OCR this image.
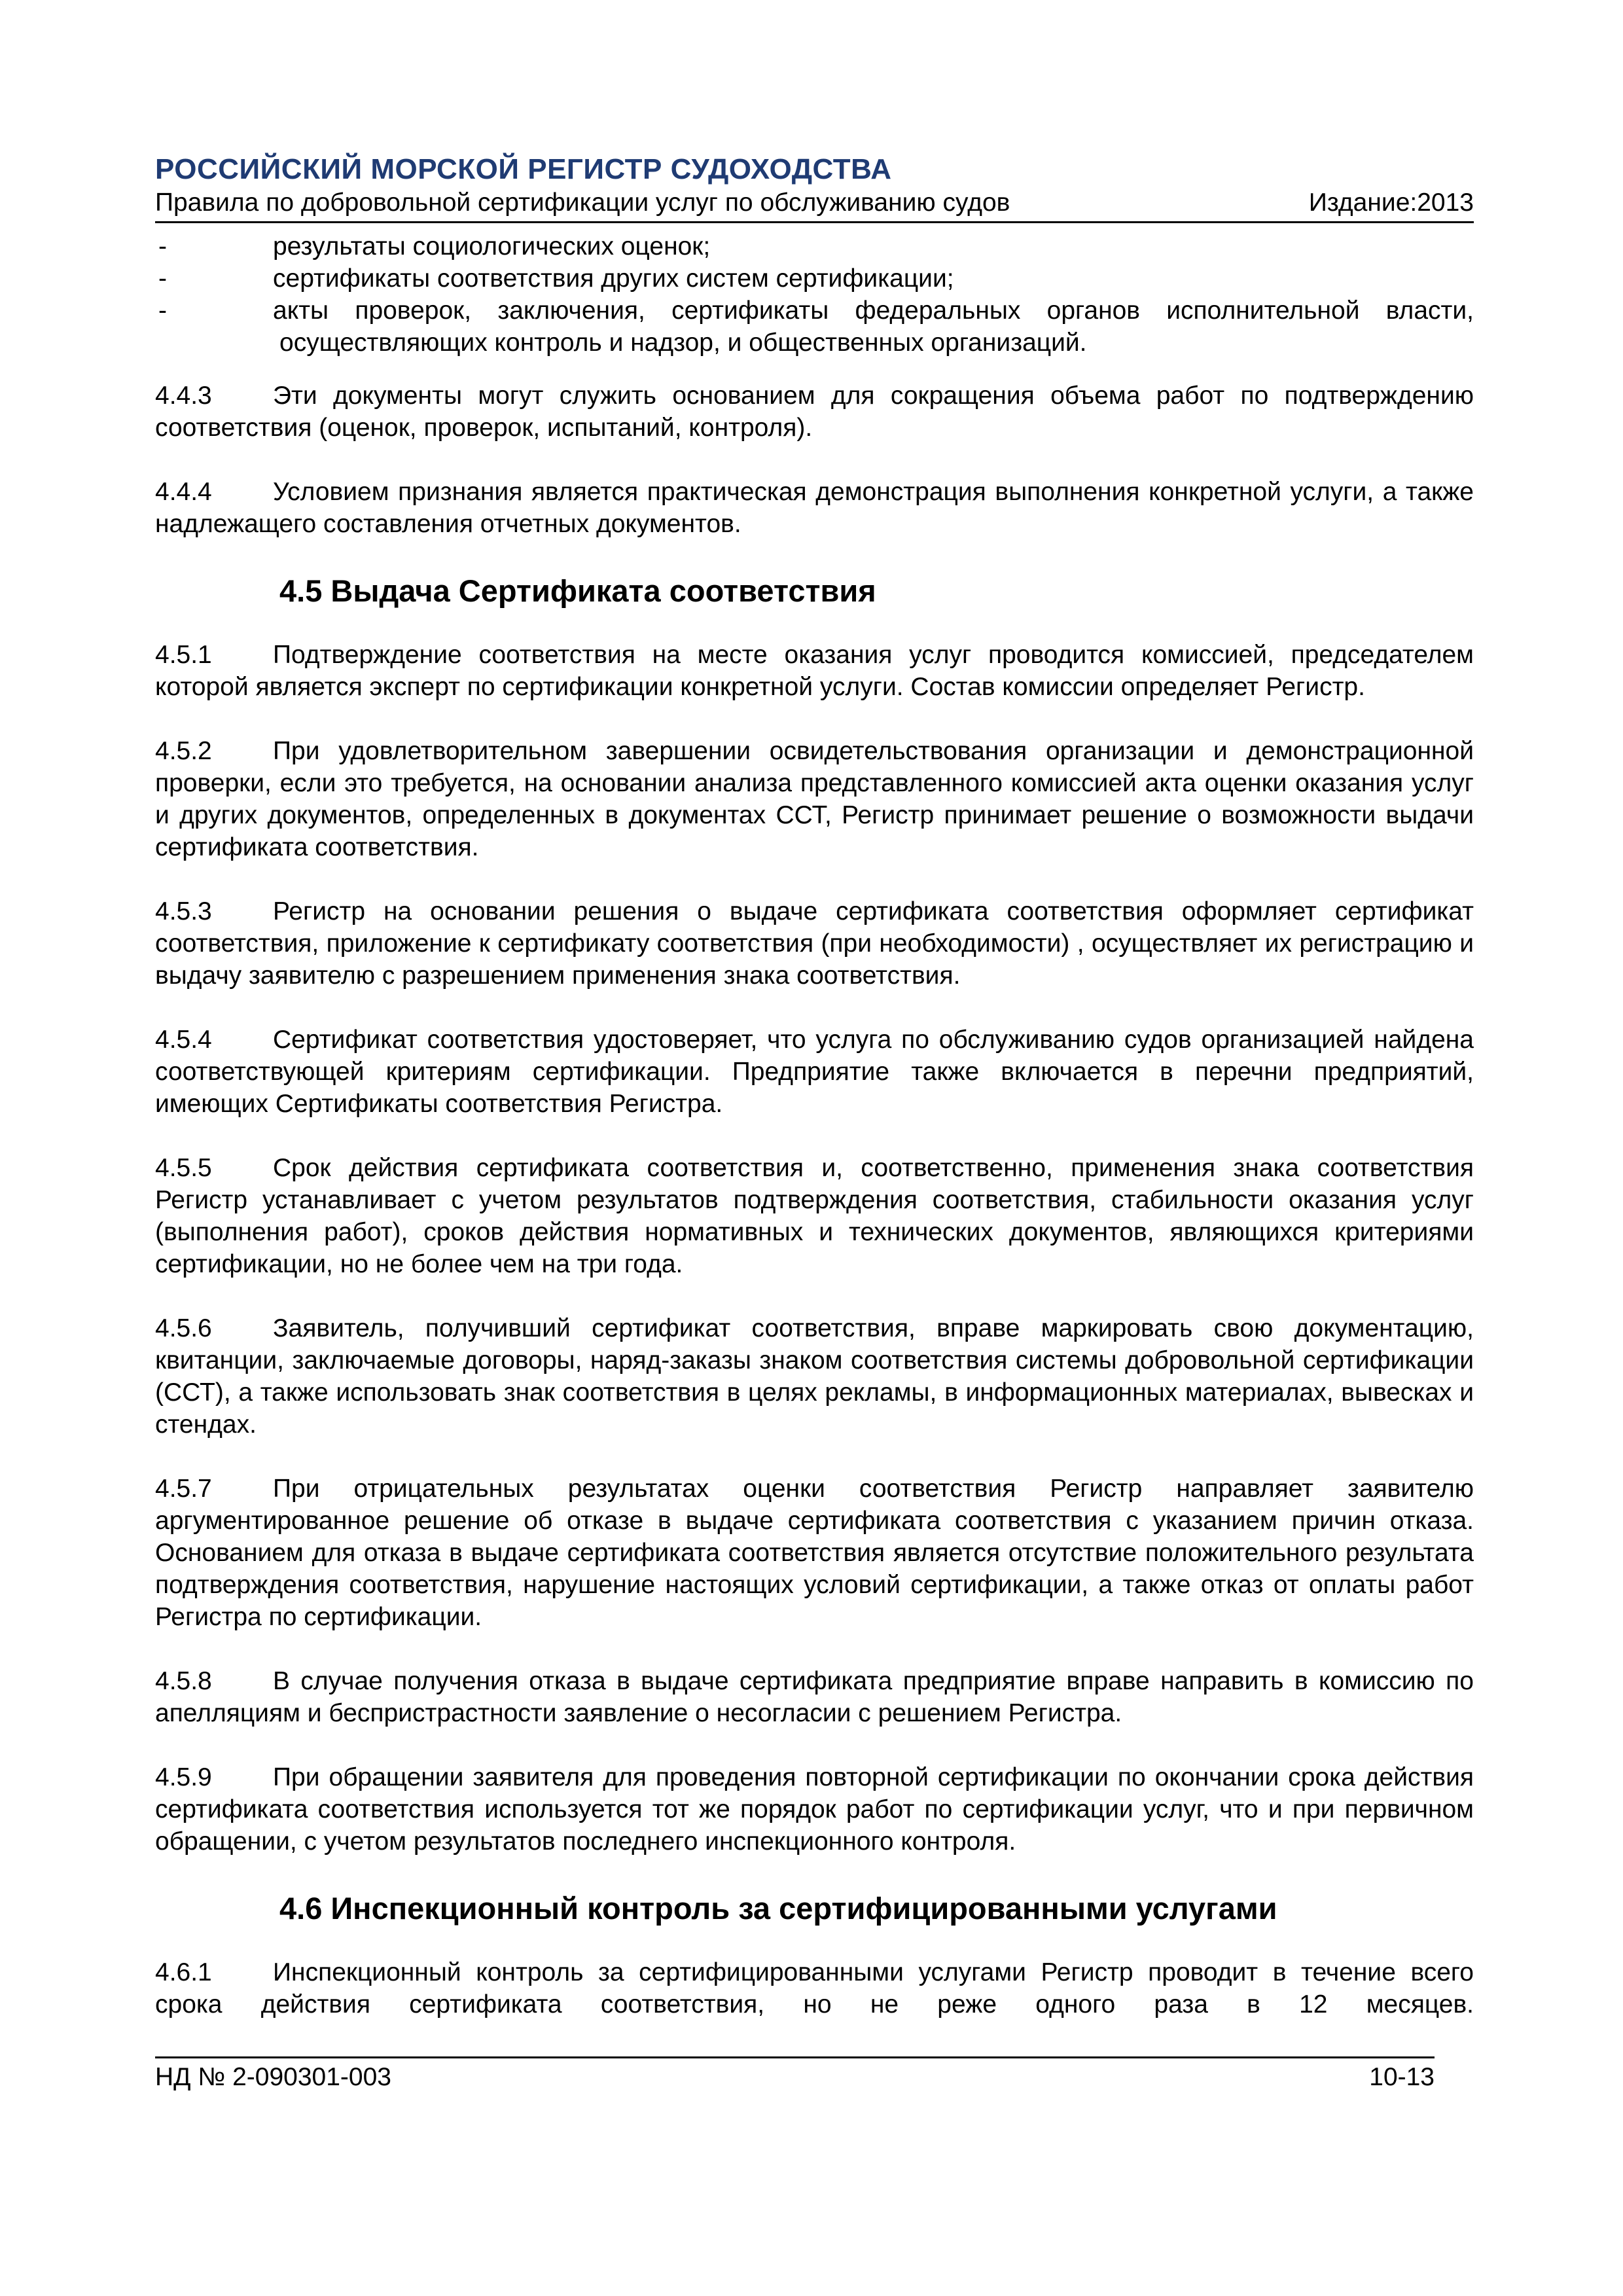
РОССИЙСКИЙ МОРСКОЙ РЕГИСТР СУДОХОДСТВА
Правила по добровольной сертификации услуг по обслуживанию судов	Издание:2013
-	результаты социологических оценок;
-	сертификаты соответствия других систем сертификации;
-	акты проверок, заключения, сертификаты федеральных органов исполнительной власти,
осуществляющих контроль и надзор, и общественных организаций.

4.4.3 Эти документы могут служить основанием для сокращения объема работ по подтверждению соответствия (оценок, проверок, испытаний, контроля).

4.4.4 Условием признания является практическая демонстрация выполнения конкретной услуги, а также надлежащего составления отчетных документов.

4.5 Выдача Сертификата соответствия

4.5.1 Подтверждение соответствия на месте оказания услуг проводится комиссией, председателем которой является эксперт по сертификации конкретной услуги. Состав комиссии определяет Регистр.

4.5.2 При удовлетворительном завершении освидетельствования организации и демонстрационной проверки, если это требуется, на основании анализа представленного комиссией акта оценки оказания услуг и других документов, определенных в документах ССТ, Регистр принимает решение о возможности выдачи сертификата соответствия.

4.5.3 Регистр на основании решения о выдаче сертификата соответствия оформляет сертификат соответствия, приложение к сертификату соответствия (при необходимости) , осуществляет их регистрацию и выдачу заявителю с разрешением применения знака соответствия.

4.5.4 Сертификат соответствия удостоверяет, что услуга по обслуживанию судов организацией найдена соответствующей критериям сертификации. Предприятие также включается в перечни предприятий, имеющих Сертификаты соответствия Регистра.

4.5.5 Срок действия сертификата соответствия и, соответственно, применения знака соответствия Регистр устанавливает с учетом результатов подтверждения соответствия, стабильности оказания услуг (выполнения работ), сроков действия нормативных и технических документов, являющихся критериями сертификации, но не более чем на три года.

4.5.6 Заявитель, получивший сертификат соответствия, вправе маркировать свою документацию, квитанции, заключаемые договоры, наряд-заказы знаком соответствия системы добровольной сертификации (ССТ), а также использовать знак соответствия в целях рекламы, в информационных материалах, вывесках и стендах.

4.5.7 При отрицательных результатах оценки соответствия Регистр направляет заявителю аргументированное решение об отказе в выдаче сертификата соответствия с указанием причин отказа. Основанием для отказа в выдаче сертификата соответствия является отсутствие положительного результата подтверждения соответствия, нарушение настоящих условий сертификации, а также отказ от оплаты работ Регистра по сертификации.

4.5.8 В случае получения отказа в выдаче сертификата предприятие вправе направить в комиссию по апелляциям и беспристрастности заявление о несогласии с решением Регистра.

4.5.9 При обращении заявителя для проведения повторной сертификации по окончании срока действия сертификата соответствия используется тот же порядок работ по сертификации услуг, что и при первичном обращении, с учетом результатов последнего инспекционного контроля.

4.6 Инспекционный контроль за сертифицированными услугами

4.6.1 Инспекционный контроль за сертифицированными услугами Регистр проводит в течение всего срока действия сертификата соответствия, но не реже одного раза в 12 месяцев.

НД № 2-090301-003	10-13
